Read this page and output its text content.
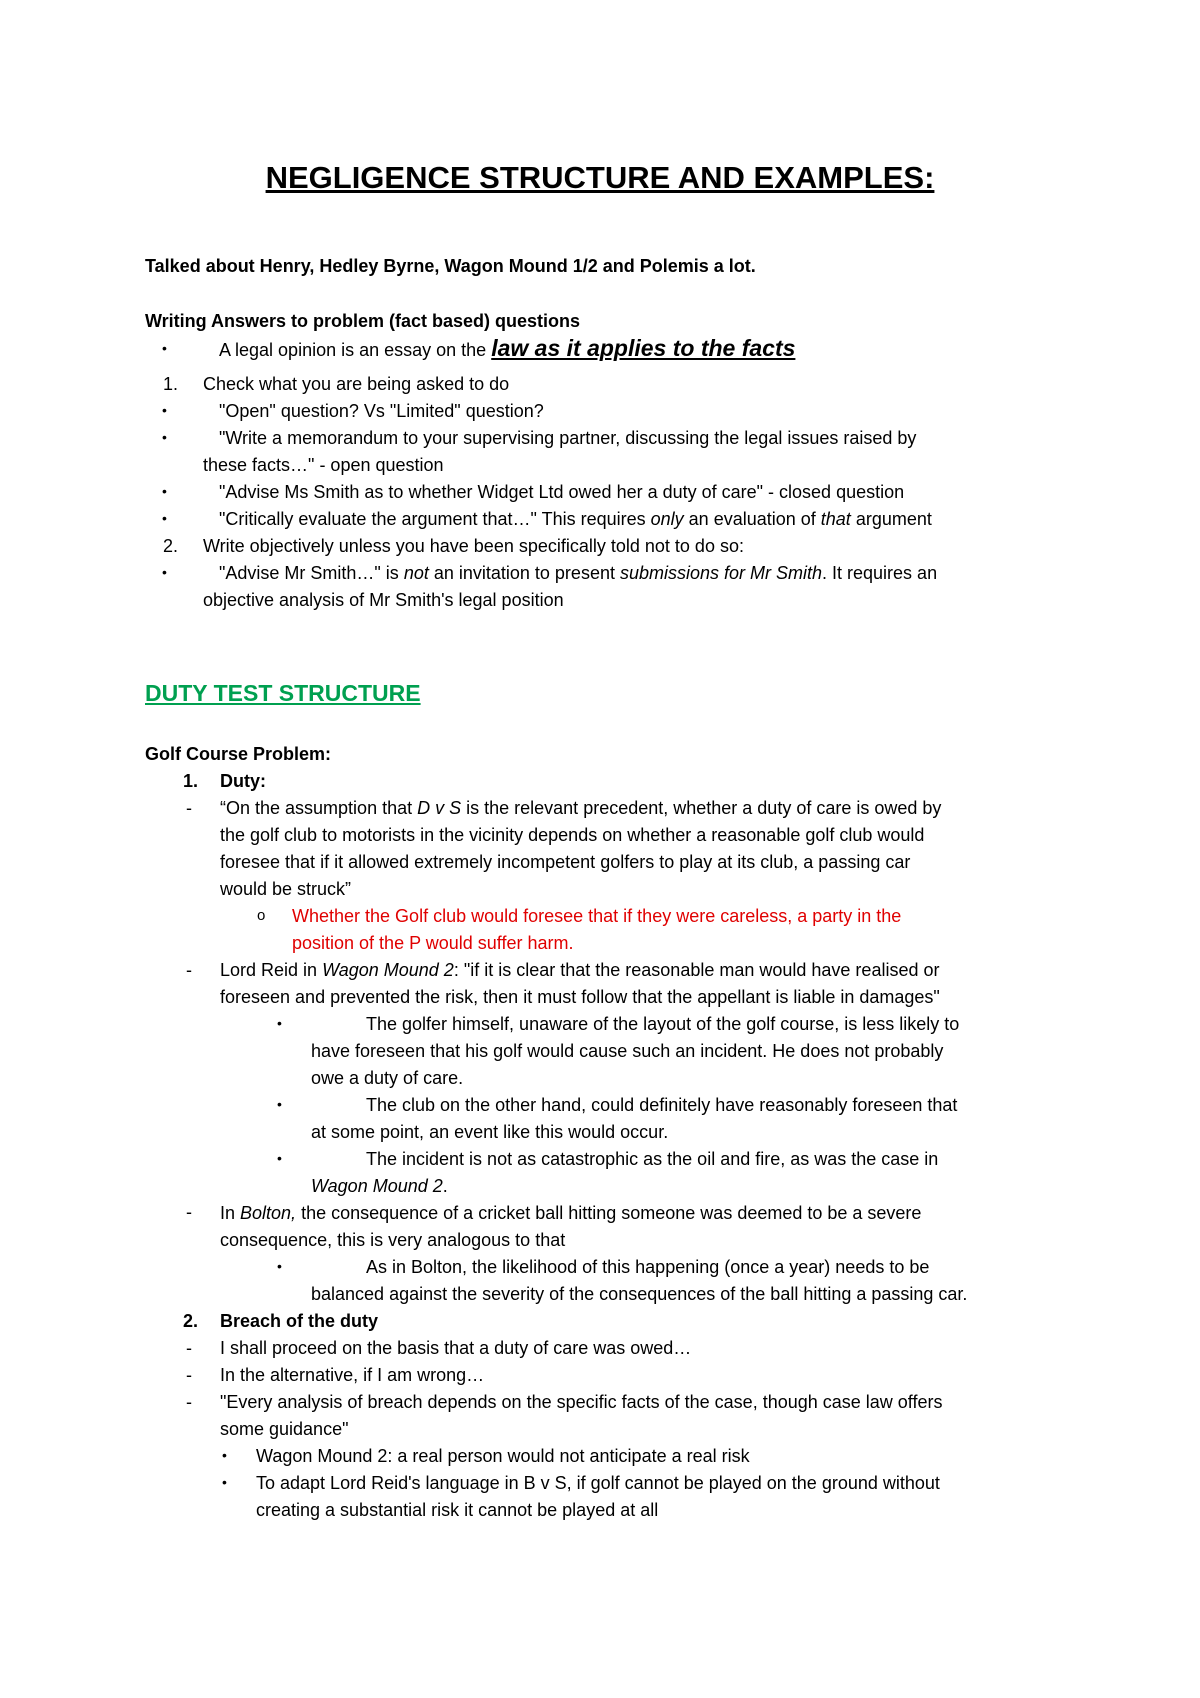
NEGLIGENCE STRUCTURE AND EXAMPLES:
Talked about Henry, Hedley Byrne, Wagon Mound 1/2 and Polemis a lot.
Writing Answers to problem (fact based) questions
•	A legal opinion is an essay on the law as it applies to the facts
1. Check what you are being asked to do
•	"Open" question? Vs "Limited" question?
•	"Write a memorandum to your supervising partner, discussing the legal issues raised by
these facts…" - open question
•	"Advise Ms Smith as to whether Widget Ltd owed her a duty of care" - closed question
•	"Critically evaluate the argument that…" This requires only an evaluation of that argument
2. Write objectively unless you have been specifically told not to do so:
•	"Advise Mr Smith…" is not an invitation to present submissions for Mr Smith. It requires an
objective analysis of Mr Smith's legal position
DUTY TEST STRUCTURE
Golf Course Problem:
1. Duty:
- “On the assumption that D v S is the relevant precedent, whether a duty of care is owed by
the golf club to motorists in the vicinity depends on whether a reasonable golf club would
foresee that if it allowed extremely incompetent golfers to play at its club, a passing car
would be struck”
o Whether the Golf club would foresee that if they were careless, a party in the
position of the P would suffer harm.
- Lord Reid in Wagon Mound 2: "if it is clear that the reasonable man would have realised or
foreseen and prevented the risk, then it must follow that the appellant is liable in damages"
•	The golfer himself, unaware of the layout of the golf course, is less likely to
have foreseen that his golf would cause such an incident. He does not probably
owe a duty of care.
•	The club on the other hand, could definitely have reasonably foreseen that
at some point, an event like this would occur.
•	The incident is not as catastrophic as the oil and fire, as was the case in
Wagon Mound 2.
- In Bolton, the consequence of a cricket ball hitting someone was deemed to be a severe
consequence, this is very analogous to that
•	As in Bolton, the likelihood of this happening (once a year) needs to be
balanced against the severity of the consequences of the ball hitting a passing car.
2. Breach of the duty
- I shall proceed on the basis that a duty of care was owed…
- In the alternative, if I am wrong…
- "Every analysis of breach depends on the specific facts of the case, though case law offers
some guidance"
• Wagon Mound 2: a real person would not anticipate a real risk
• To adapt Lord Reid's language in B v S, if golf cannot be played on the ground without
creating a substantial risk it cannot be played at all
